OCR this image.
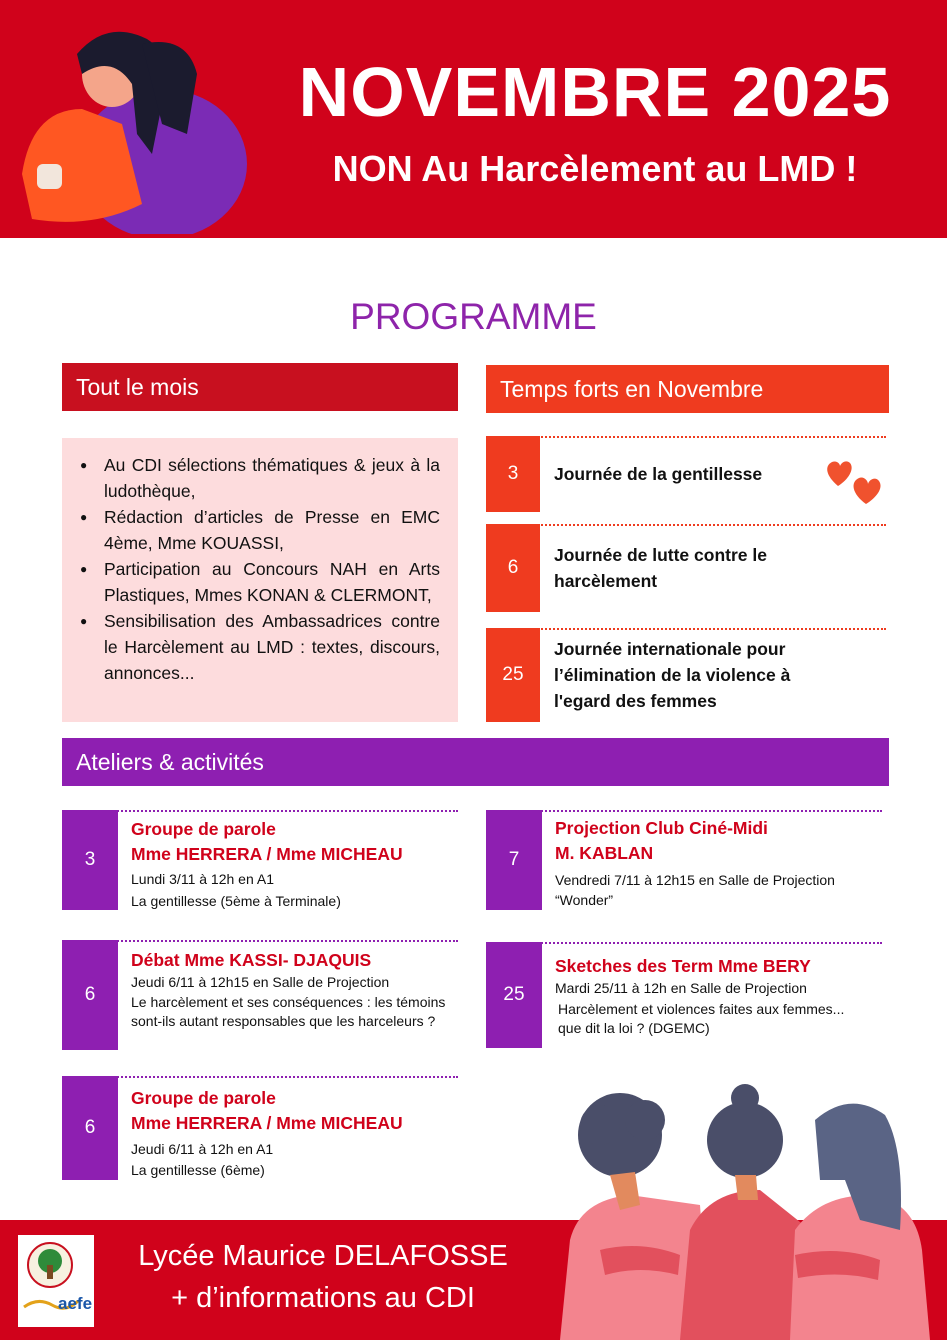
NOVEMBRE 2025
NON Au Harcèlement au LMD !
PROGRAMME
Tout le mois
● Au CDI sélections thématiques & jeux à la ludothèque,
● Rédaction d’articles de Presse en EMC 4ème, Mme KOUASSI,
● Participation au Concours NAH en Arts Plastiques, Mmes KONAN & CLERMONT,
● Sensibilisation des Ambassadrices contre le Harcèlement au LMD : textes, discours, annonces...
Temps forts en Novembre
3	Journée de la gentillesse
6
Journée de lutte contre le harcèlement
25
Journée internationale pour l’élimination de la violence à l'egard des femmes
Ateliers & activités
3
Groupe de parole
Mme HERRERA / Mme MICHEAU
Lundi 3/11 à 12h en A1
La gentillesse (5ème à Terminale)
6
Débat Mme KASSI- DJAQUIS
Jeudi 6/11 à 12h15 en Salle de Projection
Le harcèlement et ses conséquences : les témoins sont-ils autant responsables que les harceleurs ?
6
Groupe de parole
Mme HERRERA / Mme MICHEAU
Jeudi 6/11 à 12h en A1
La gentillesse (6ème)
7
Projection Club Ciné-Midi
M. KABLAN
Vendredi 7/11 à 12h15 en Salle de Projection
“Wonder”
25
Sketches des Term Mme BERY
Mardi 25/11 à 12h en Salle de Projection
Harcèlement et violences faites aux femmes... que dit la loi ? (DGEMC)
aefe
Lycée Maurice DELAFOSSE
+ d’informations au CDI
